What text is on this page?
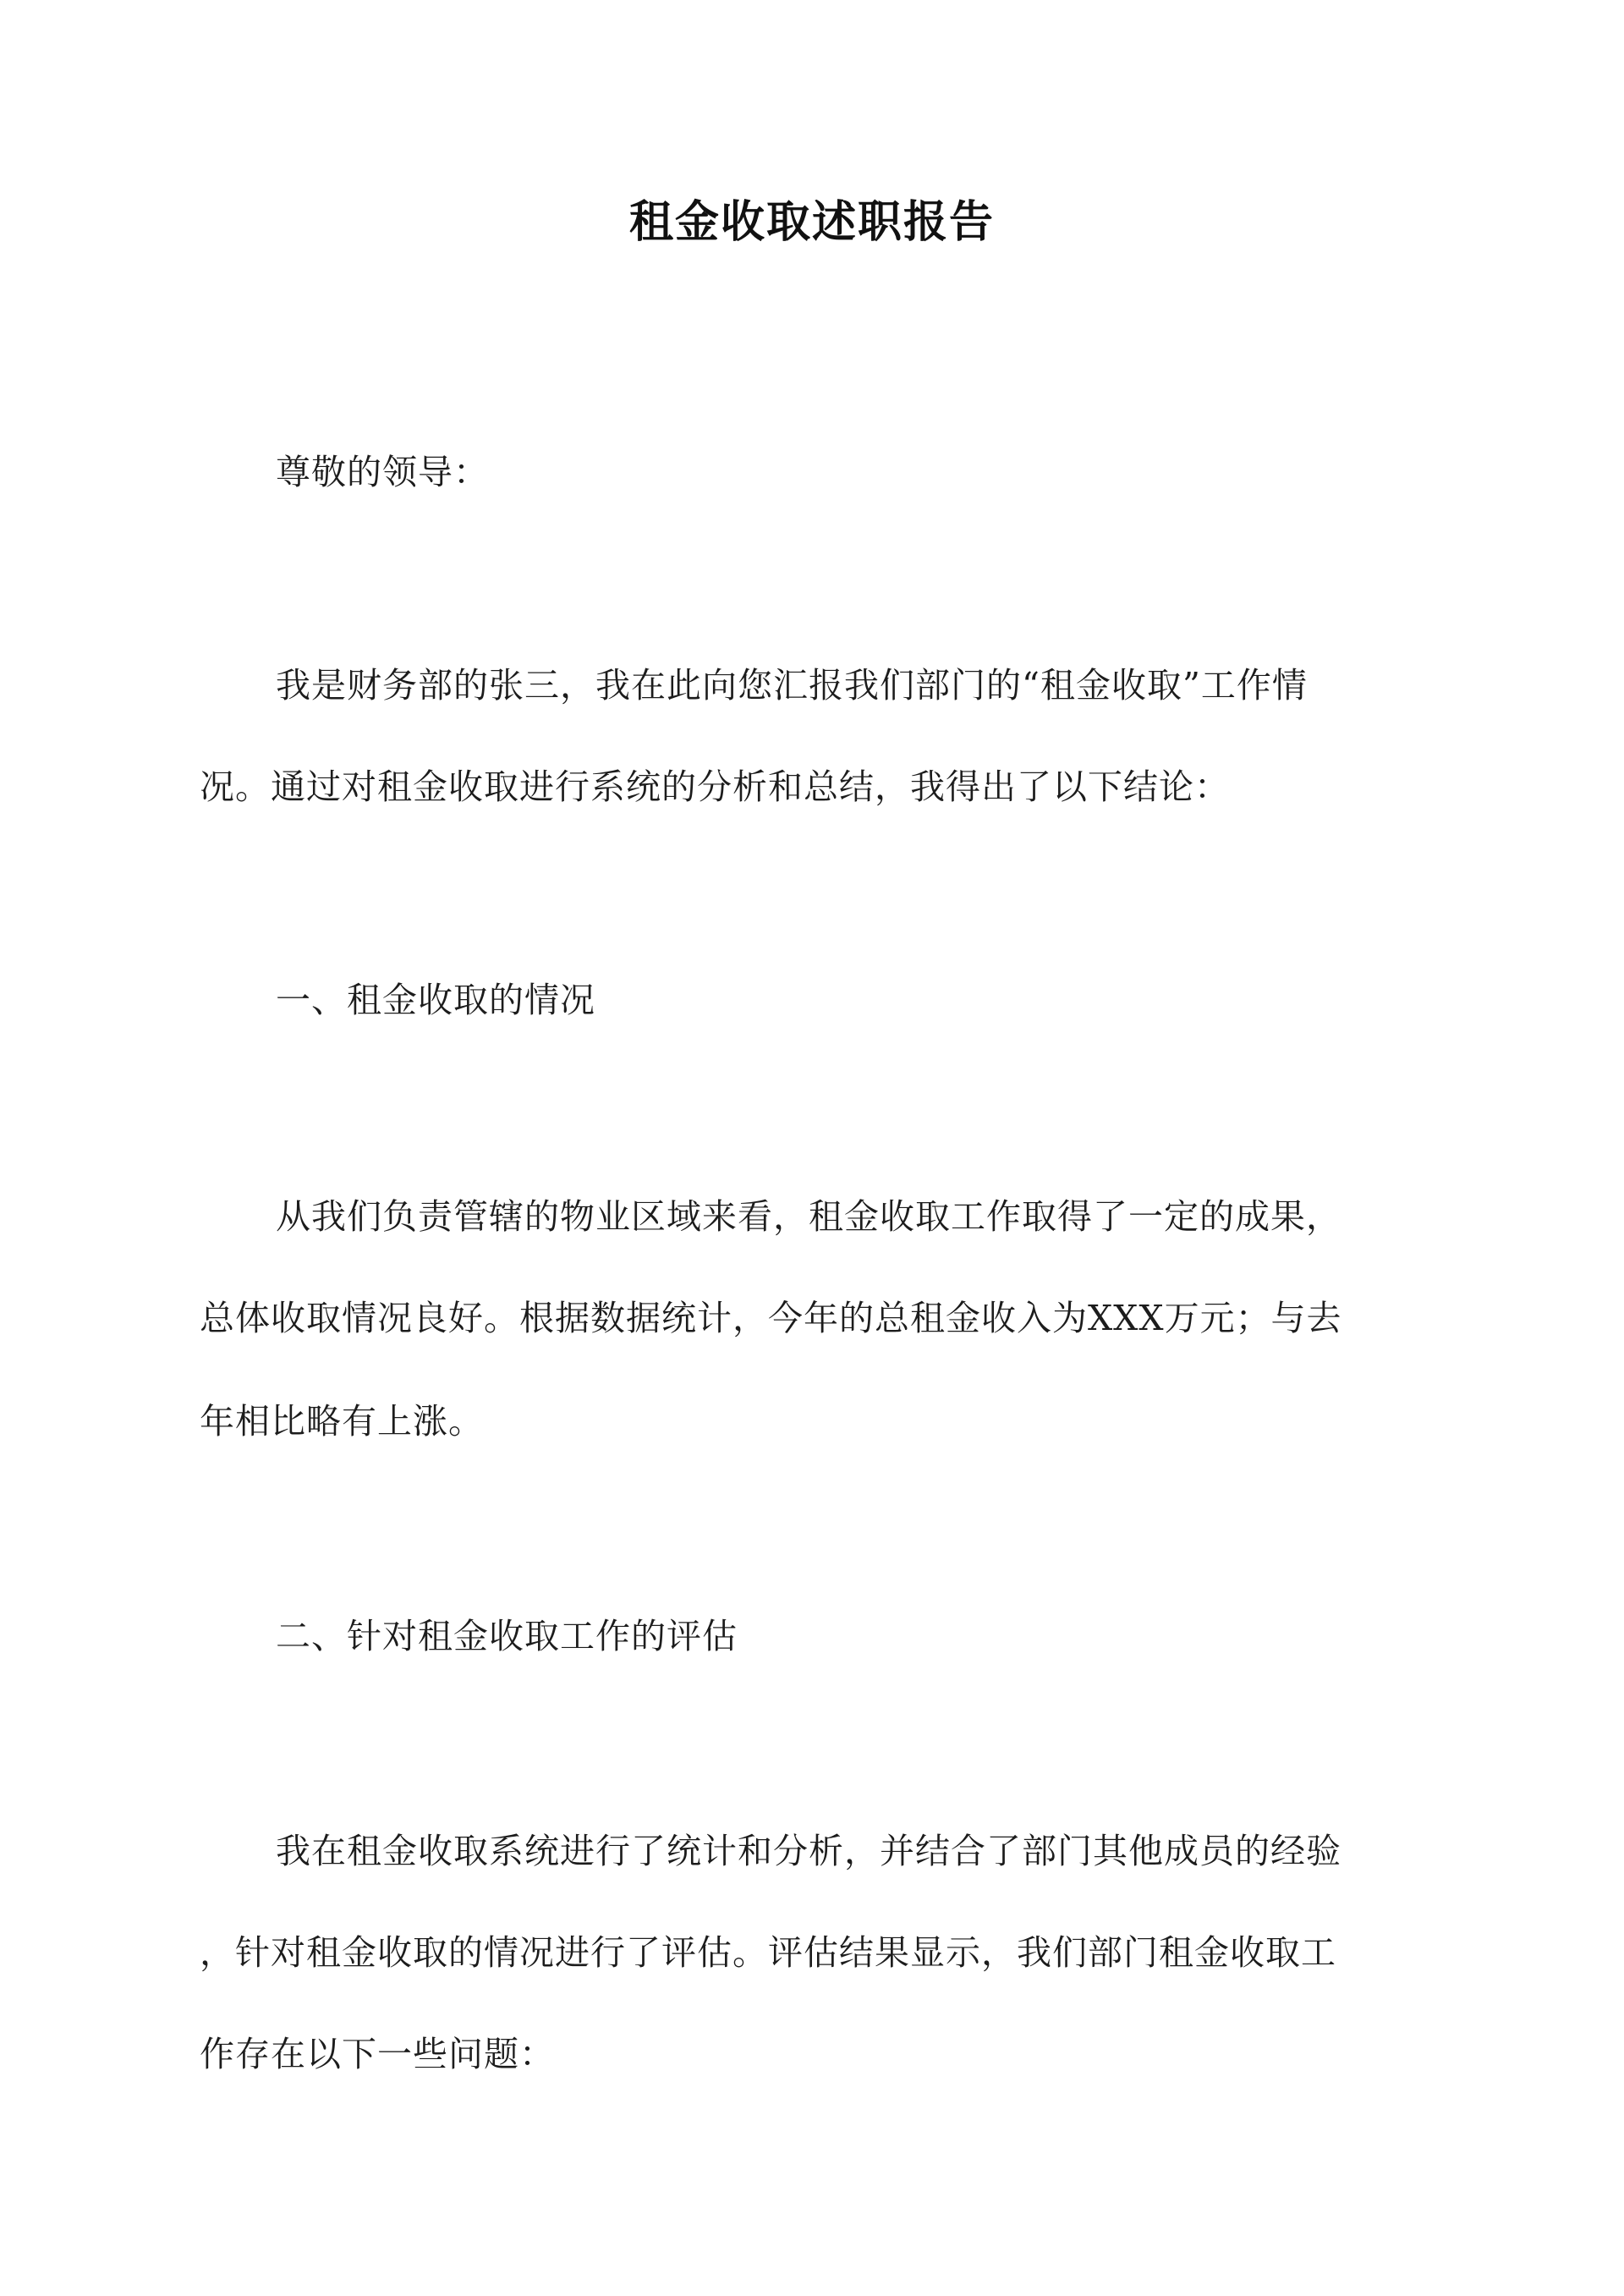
租金收取述职报告
尊敬的领导：
我是财务部的张三，我在此向您汇报我们部门的“租金收取”工作情
况。通过对租金收取进行系统的分析和总结，我得出了以下结论：
一、租金收取的情况
从我们负责管辖的物业区域来看，租金收取工作取得了一定的成果，
总体收取情况良好。根据数据统计，今年的总租金收入为XXX万元；与去
年相比略有上涨。
二、针对租金收取工作的评估
我在租金收取系统进行了统计和分析，并结合了部门其他成员的经验
，针对租金收取的情况进行了评估。评估结果显示，我们部门租金收取工
作存在以下一些问题：
